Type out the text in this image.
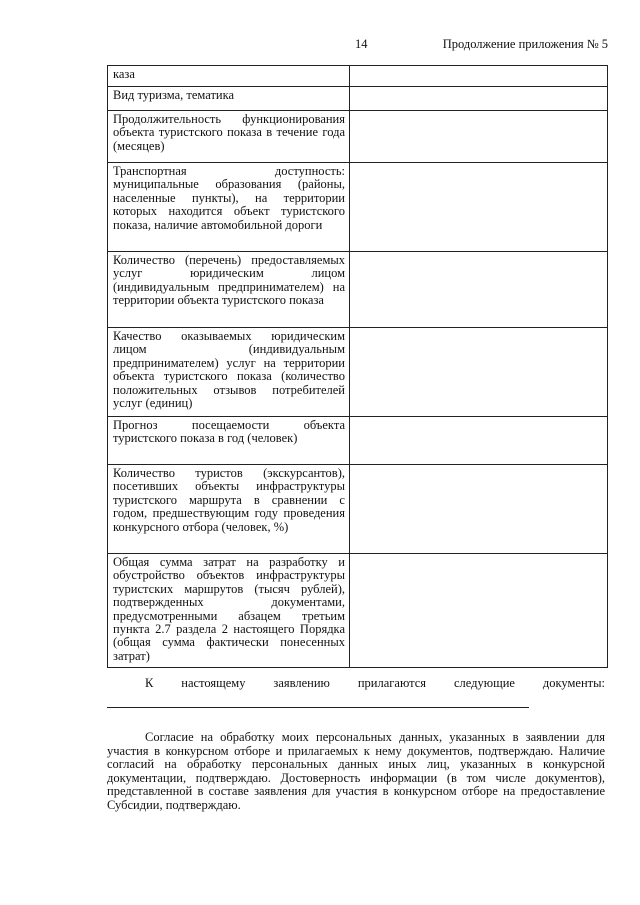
14	Продолжение приложения № 5
каза	
Вид туризма, тематика	
Продолжительность функционирования объекта туристского показа в течение года (месяцев)	
Транспортная доступность: муниципальные образования (районы, населенные пункты), на территории которых находится объект туристского показа, наличие автомобильной дороги	
Количество (перечень) предоставляемых услуг юридическим лицом (индивидуальным предпринимателем) на территории объекта туристского показа	
Качество оказываемых юридическим лицом (индивидуальным предпринимателем) услуг на территории объекта туристского показа (количество положительных отзывов потребителей услуг (единиц)	
Прогноз посещаемости объекта туристского показа в год (человек)	
Количество туристов (экскурсантов), посетивших объекты инфраструктуры туристского маршрута в сравнении с годом, предшествующим году проведения конкурсного отбора (человек, %)	
Общая сумма затрат на разработку и обустройство объектов инфраструктуры туристских маршрутов (тысяч рублей), подтвержденных документами, предусмотренными абзацем третьим пункта 2.7 раздела 2 настоящего Порядка (общая сумма фактически понесенных затрат)	
К настоящему заявлению прилагаются следующие документы:

Согласие на обработку моих персональных данных, указанных в заявлении для участия в конкурсном отборе и прилагаемых к нему документов, подтверждаю. Наличие согласий на обработку персональных данных иных лиц, указанных в конкурсной документации, подтверждаю. Достоверность информации (в том числе документов), представленной в составе заявления для участия в конкурсном отборе на предоставление Субсидии, подтверждаю.
